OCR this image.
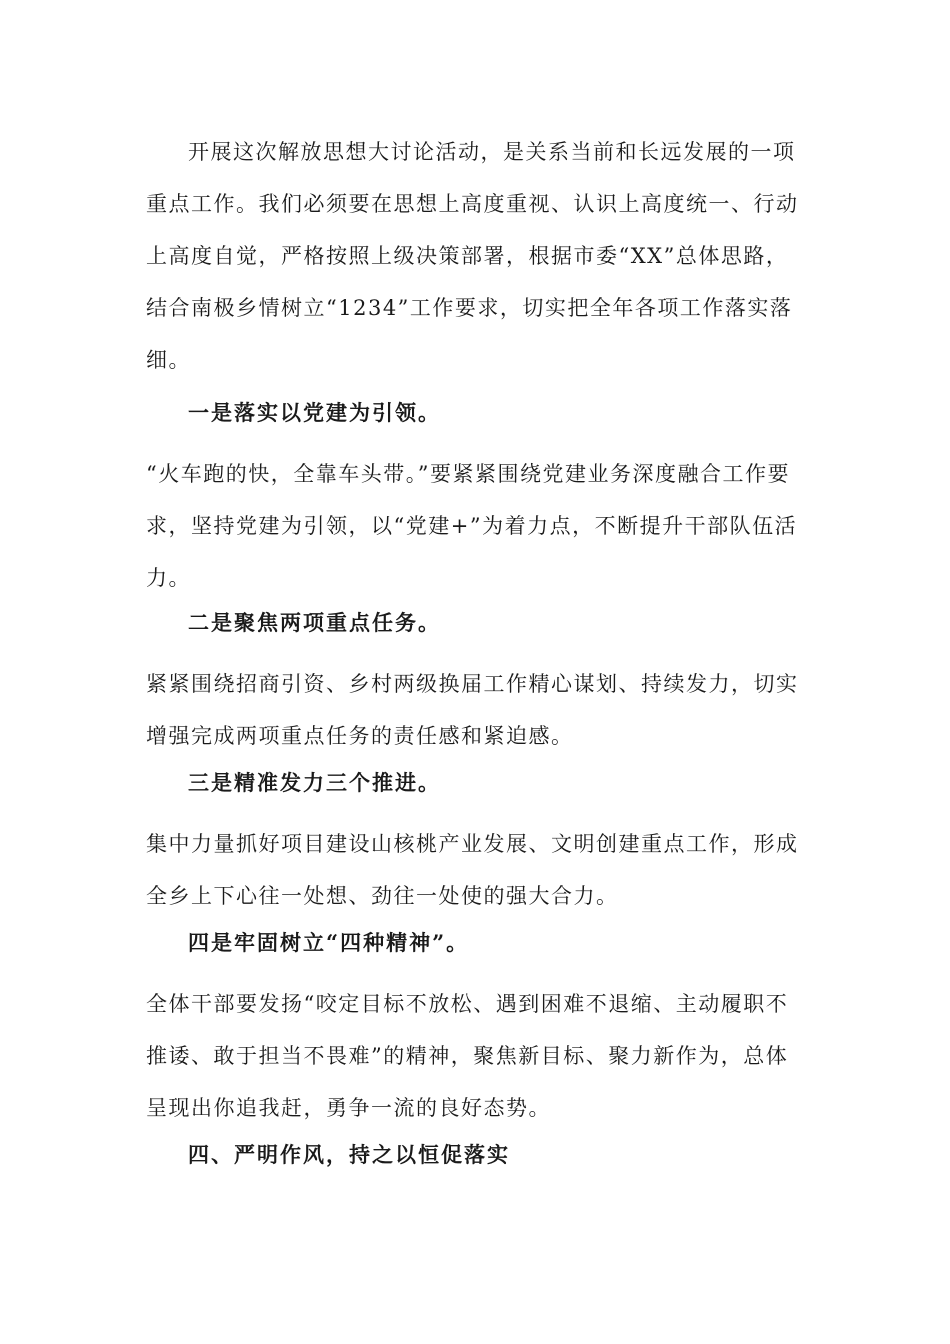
开展这次解放思想大讨论活动，是关系当前和长远发展的一项重点工作。我们必须要在思想上高度重视、认识上高度统一、行动上高度自觉，严格按照上级决策部署，根据市委“XX”总体思路，结合南极乡情树立“1234”工作要求，切实把全年各项工作落实落细。

一是落实以党建为引领。

“火车跑的快，全靠车头带。”要紧紧围绕党建业务深度融合工作要求，坚持党建为引领，以“党建+”为着力点，不断提升干部队伍活力。

二是聚焦两项重点任务。

紧紧围绕招商引资、乡村两级换届工作精心谋划、持续发力，切实增强完成两项重点任务的责任感和紧迫感。

三是精准发力三个推进。

集中力量抓好项目建设山核桃产业发展、文明创建重点工作，形成全乡上下心往一处想、劲往一处使的强大合力。

四是牢固树立“四种精神”。

全体干部要发扬“咬定目标不放松、遇到困难不退缩、主动履职不推诿、敢于担当不畏难”的精神，聚焦新目标、聚力新作为，总体呈现出你追我赶，勇争一流的良好态势。

四、严明作风，持之以恒促落实
